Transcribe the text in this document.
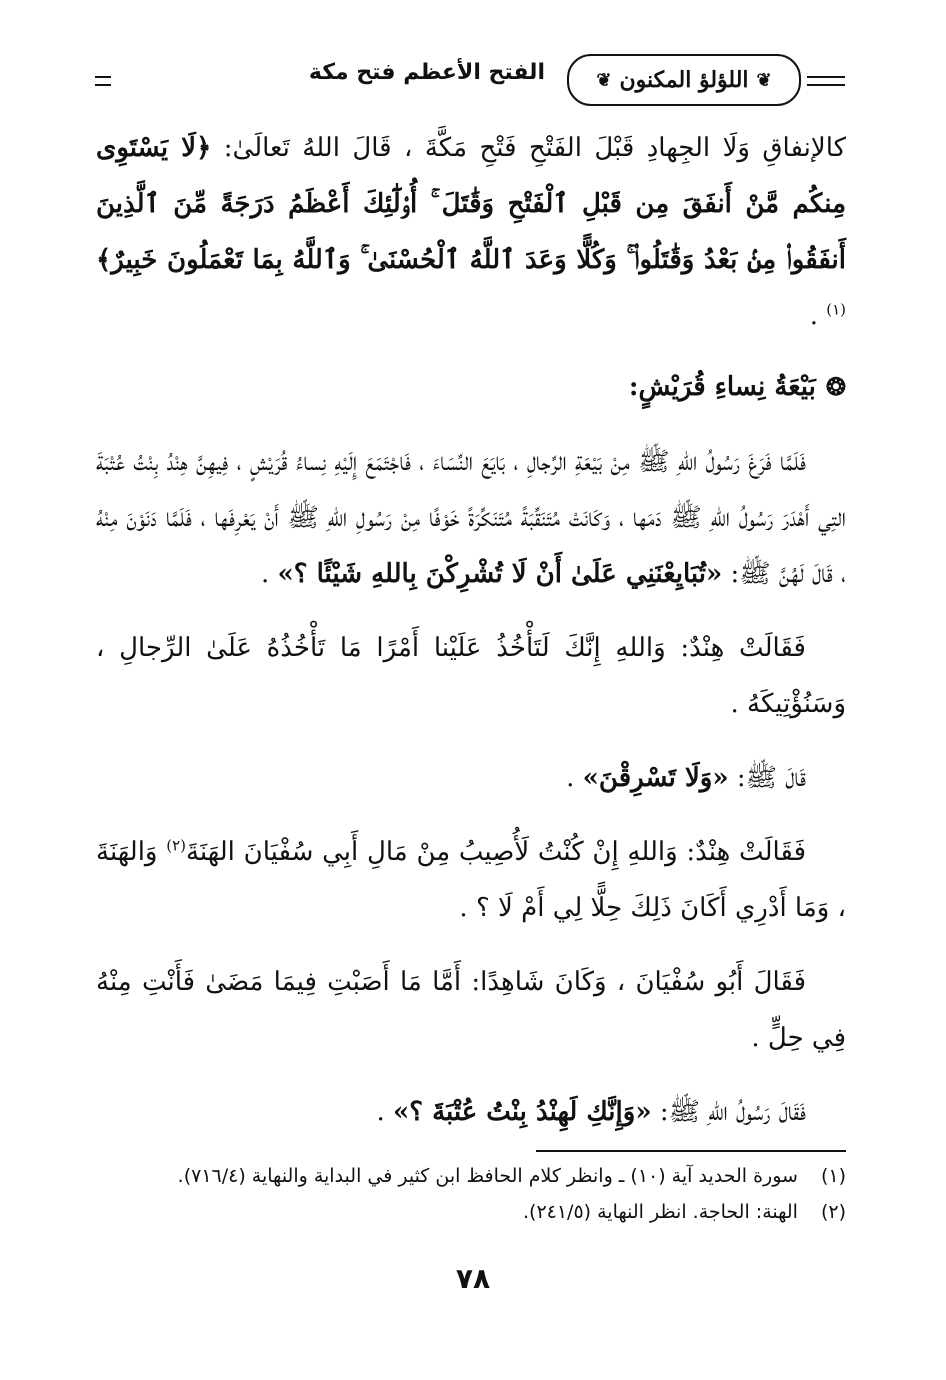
❦
اللؤلؤ المكنون
❦
الفتح الأعظم فتح مكة

كالإنفاقِ وَلَا الجِهادِ قَبْلَ الفَتْحِ فَتْحِ مَكَّةَ ، قَالَ اللهُ تَعالَىٰ: ﴿لَا يَسْتَوِى مِنكُم مَّنْ أَنفَقَ مِن قَبْلِ ٱلْفَتْحِ وَقَٰتَلَ ۚ أُو۟لَٰٓئِكَ أَعْظَمُ دَرَجَةً مِّنَ ٱلَّذِينَ أَنفَقُوا۟ مِنۢ بَعْدُ وَقَٰتَلُوا۟ ۚ وَكُلًّا وَعَدَ ٱللَّهُ ٱلْحُسْنَىٰ ۚ وَٱللَّهُ بِمَا تَعْمَلُونَ خَبِيرٌ﴾$^{(١)}$ .

❂
بَيْعَةُ نِساءِ قُرَيْشٍ:

فَلَمَّا فَرَغَ رَسُولُ اللهِ ﷺ مِنْ بَيْعَةِ الرِّجالِ ، بَايَعَ النِّسَاءَ ، فَاجْتَمَعَ إِلَيْهِ نِساءُ قُرَيْشٍ ، فِيهِنَّ هِنْدُ بِنْتُ عُتْبَةَ التِي أَهْدَرَ رَسُولُ اللهِ ﷺ دَمَها ، وَكَانَتْ مُتَنَقِّبَةً مُتَنَكِّرَةً خَوْفًا مِنْ رَسُولِ اللهِ ﷺ أَنْ يَعْرِفَها ، فَلَمَّا دَنَوْنَ مِنْهُ ، قَالَ لَهُنَّ ﷺ: «تُبَايِعْنَنِي عَلَىٰ أَنْ لَا تُشْرِكْنَ بِاللهِ شَيْئًا ؟» .

فَقَالَتْ هِنْدٌ: وَاللهِ إِنَّكَ لَتَأْخُذُ عَلَيْنا أَمْرًا مَا تَأْخُذُهُ عَلَىٰ الرِّجالِ ، وَسَنُؤْتِيكَهُ .

قَالَ ﷺ: «وَلَا تَسْرِقْنَ» .

فَقَالَتْ هِنْدٌ: وَاللهِ إِنْ كُنْتُ لَأُصِيبُ مِنْ مَالِ أَبِي سُفْيَانَ الهَنَةَ$^{(٢)}$ وَالهَنَةَ ، وَمَا أَدْرِي أَكَانَ ذَلِكَ حِلًّا لِي أَمْ لَا ؟ .

فَقَالَ أَبُو سُفْيَانَ ، وَكَانَ شَاهِدًا: أَمَّا مَا أَصَبْتِ فِيمَا مَضَىٰ فَأَنْتِ مِنْهُ فِي حِلٍّ .

فَقَالَ رَسُولُ اللهِ ﷺ: «وَإِنَّكِ لَهِنْدُ بِنْتُ عُتْبَةَ ؟» .

(١) سورة الحديد آية (١٠) ـ وانظر كلام الحافظ ابن كثير في البداية والنهاية (٧١٦/٤).
(٢) الهنة: الحاجة. انظر النهاية (٢٤١/٥).
٧٨
